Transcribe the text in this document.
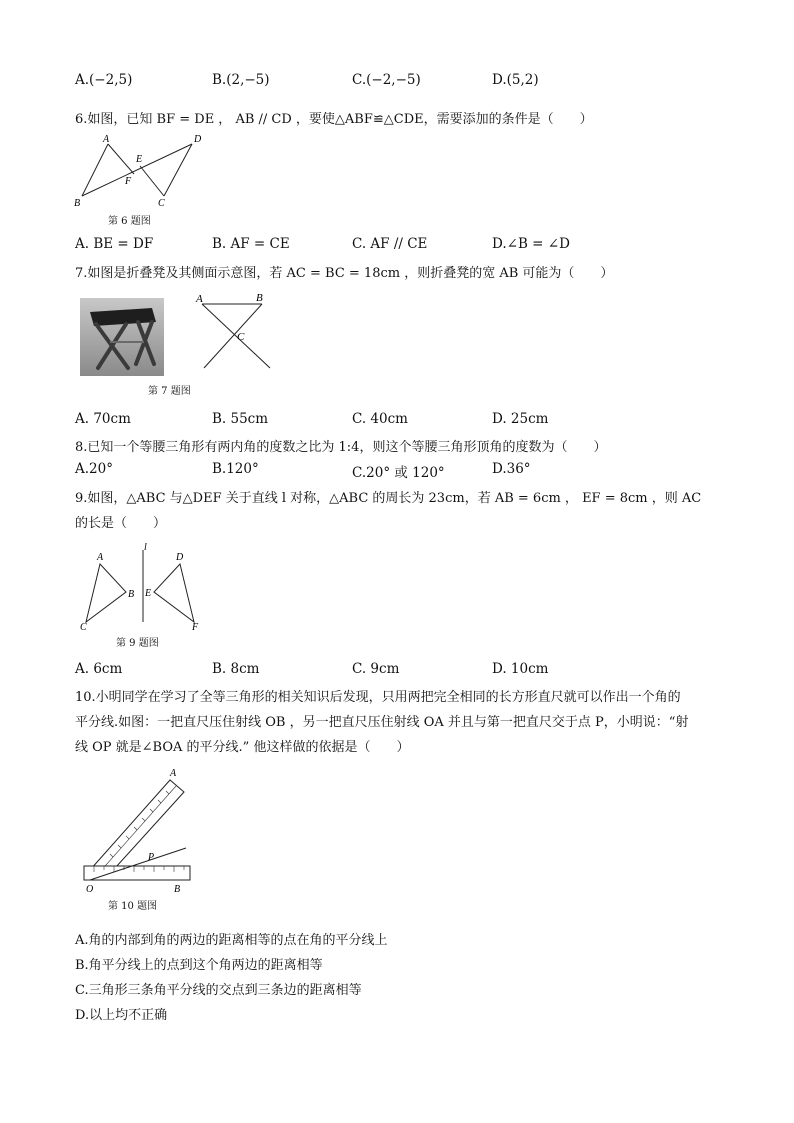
A.(−2,5)	B.(2,−5)	C.(−2,−5)	D.(5,2)
6.如图，已知 BF = DE ， AB // CD ，要使△ABF≌△CDE，需要添加的条件是（　　）
A
B
E
F
D
C
第 6 题图
A. BE = DF	B. AF = CE	C. AF // CE	D.∠B = ∠D
7.如图是折叠凳及其侧面示意图，若 AC = BC = 18cm ，则折叠凳的宽 AB 可能为（　　）
A	B
C
第 7 题图
A. 70cm	B. 55cm	C. 40cm	D. 25cm
8.已知一个等腰三角形有两内角的度数之比为 1:4，则这个等腰三角形顶角的度数为（　　）
A.20°	B.120°	C.20° 或 120°	D.36°
9.如图，△ABC 与△DEF 关于直线 l 对称，△ABC 的周长为 23cm，若 AB = 6cm ， EF = 8cm ，则 AC
的长是（　　）
l
A
B
C
D
E
F
第 9 题图
A. 6cm	B. 8cm	C. 9cm	D. 10cm
10.小明同学在学习了全等三角形的相关知识后发现，只用两把完全相同的长方形直尺就可以作出一个角的
平分线.如图：一把直尺压住射线 OB ，另一把直尺压住射线 OA 并且与第一把直尺交于点 P，小明说：“射
线 OP 就是∠BOA 的平分线.” 他这样做的依据是（　　）
A
P
O	B
第 10 题图
A.角的内部到角的两边的距离相等的点在角的平分线上
B.角平分线上的点到这个角两边的距离相等
C.三角形三条角平分线的交点到三条边的距离相等
D.以上均不正确
